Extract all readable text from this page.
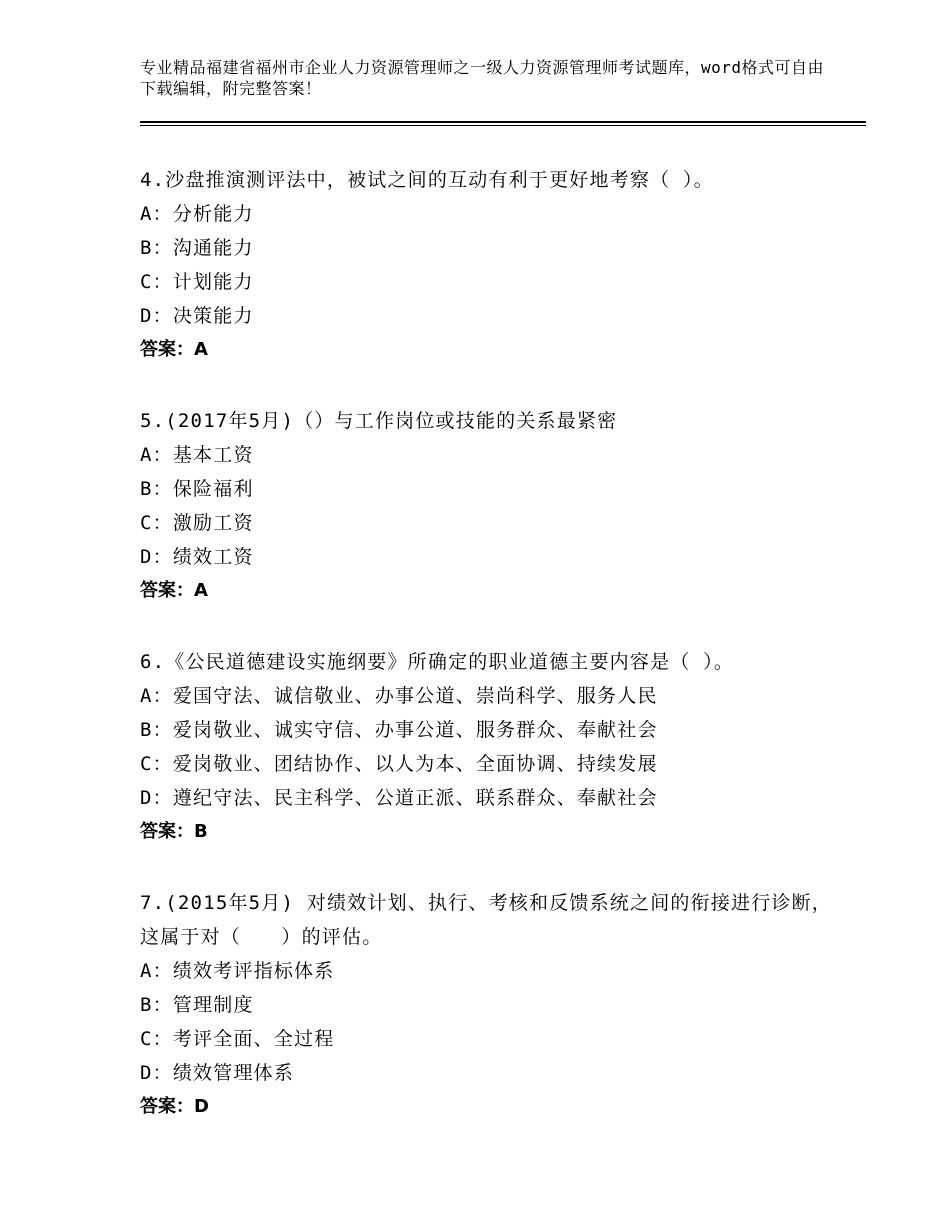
专业精品福建省福州市企业人力资源管理师之一级人力资源管理师考试题库，word格式可自由下载编辑，附完整答案！
4.沙盘推演测评法中，被试之间的互动有利于更好地考察（ ）。
A：分析能力
B：沟通能力
C：计划能力
D：决策能力
答案：A
5.(2017年5月)（）与工作岗位或技能的关系最紧密
A：基本工资
B：保险福利
C：激励工资
D：绩效工资
答案：A
6.《公民道德建设实施纲要》所确定的职业道德主要内容是（ ）。
A：爱国守法、诚信敬业、办事公道、崇尚科学、服务人民
B：爱岗敬业、诚实守信、办事公道、服务群众、奉献社会
C：爱岗敬业、团结协作、以人为本、全面协调、持续发展
D：遵纪守法、民主科学、公道正派、联系群众、奉献社会
答案：B
7.(2015年5月) 对绩效计划、执行、考核和反馈系统之间的衔接进行诊断，这属于对（　　）的评估。
A：绩效考评指标体系
B：管理制度
C：考评全面、全过程
D：绩效管理体系
答案：D
